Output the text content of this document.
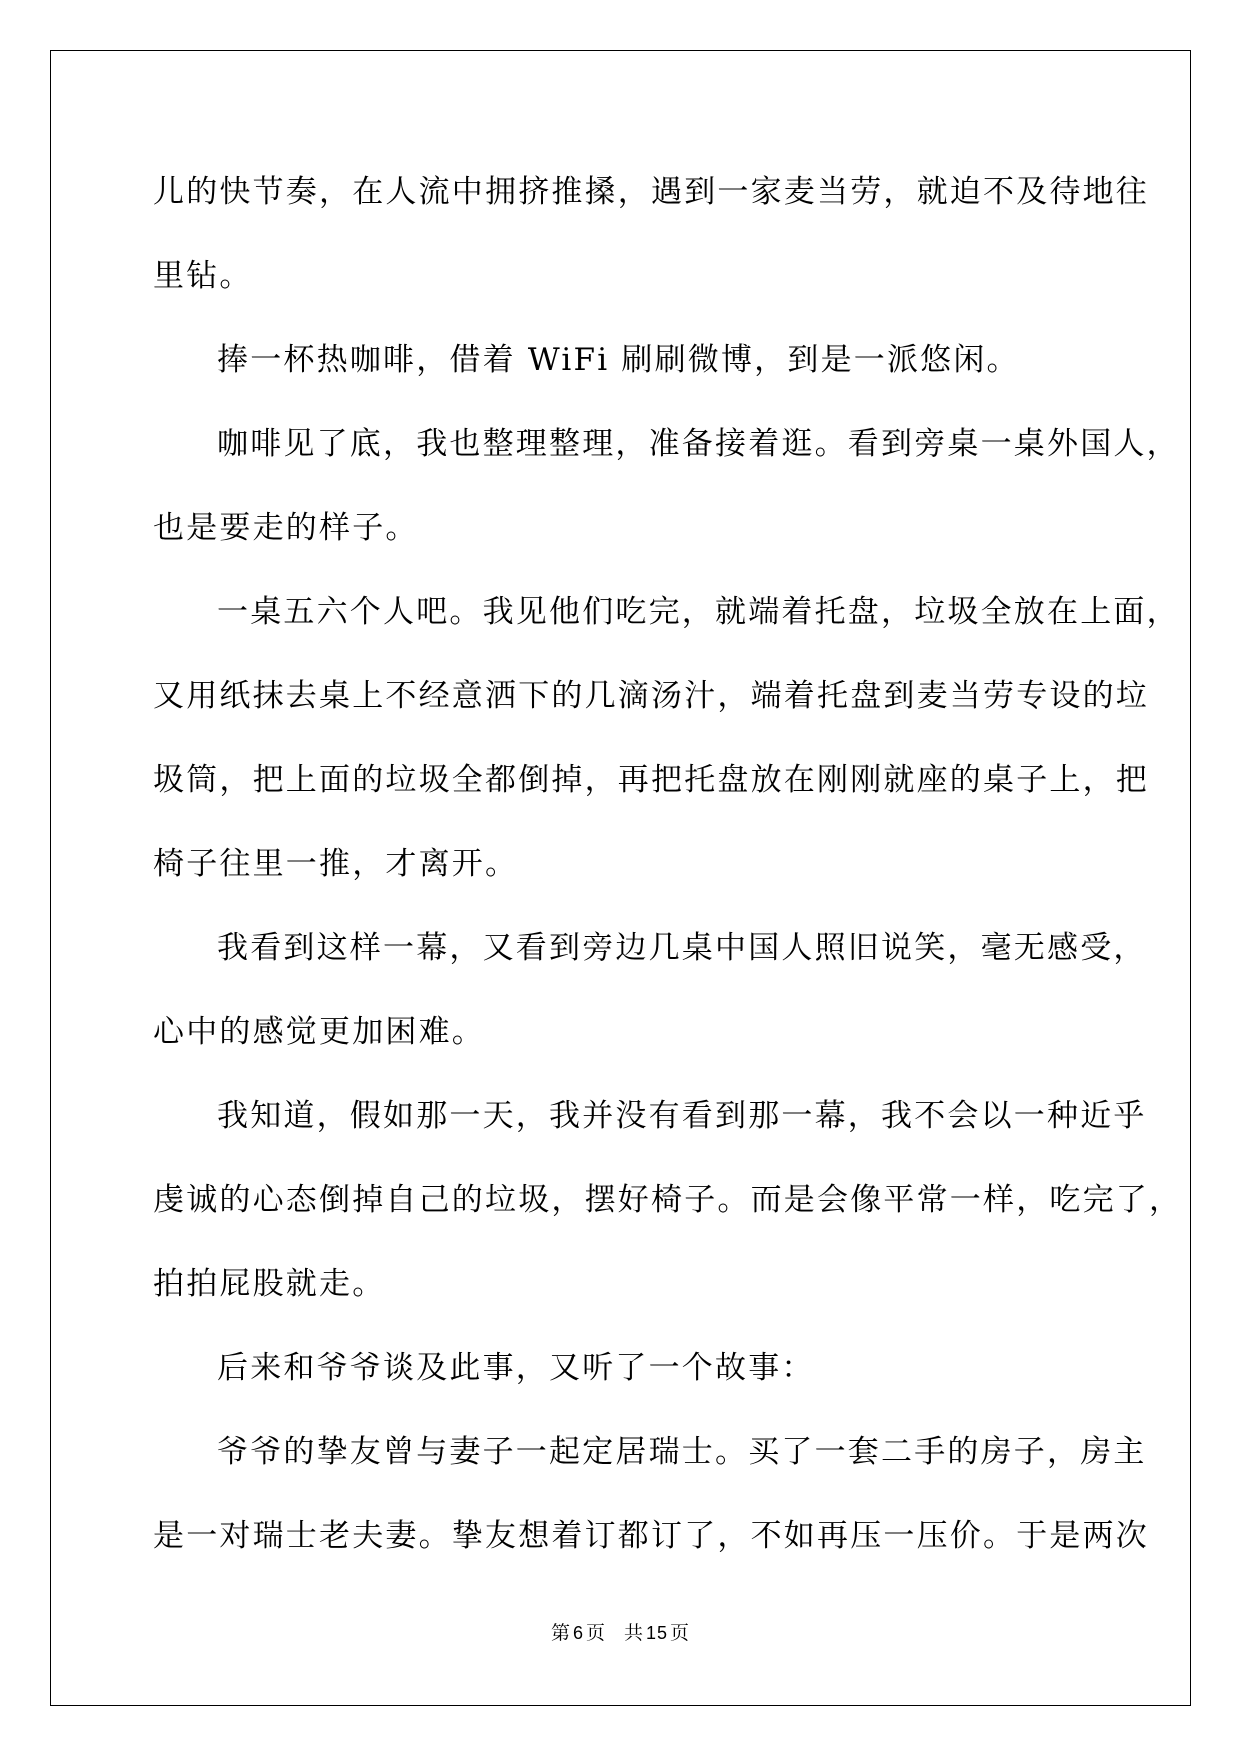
儿的快节奏，在人流中拥挤推搡，遇到一家麦当劳，就迫不及待地往
里钻。
捧一杯热咖啡，借着 WiFi 刷刷微博，到是一派悠闲。
咖啡见了底，我也整理整理，准备接着逛。看到旁桌一桌外国人，
也是要走的样子。
一桌五六个人吧。我见他们吃完，就端着托盘，垃圾全放在上面，
又用纸抹去桌上不经意洒下的几滴汤汁，端着托盘到麦当劳专设的垃
圾筒，把上面的垃圾全都倒掉，再把托盘放在刚刚就座的桌子上，把
椅子往里一推，才离开。
我看到这样一幕，又看到旁边几桌中国人照旧说笑，毫无感受，
心中的感觉更加困难。
我知道，假如那一天，我并没有看到那一幕，我不会以一种近乎
虔诚的心态倒掉自己的垃圾，摆好椅子。而是会像平常一样，吃完了，
拍拍屁股就走。
后来和爷爷谈及此事，又听了一个故事：
爷爷的挚友曾与妻子一起定居瑞士。买了一套二手的房子，房主
是一对瑞士老夫妻。挚友想着订都订了，不如再压一压价。于是两次
第 6 页 共 15 页
